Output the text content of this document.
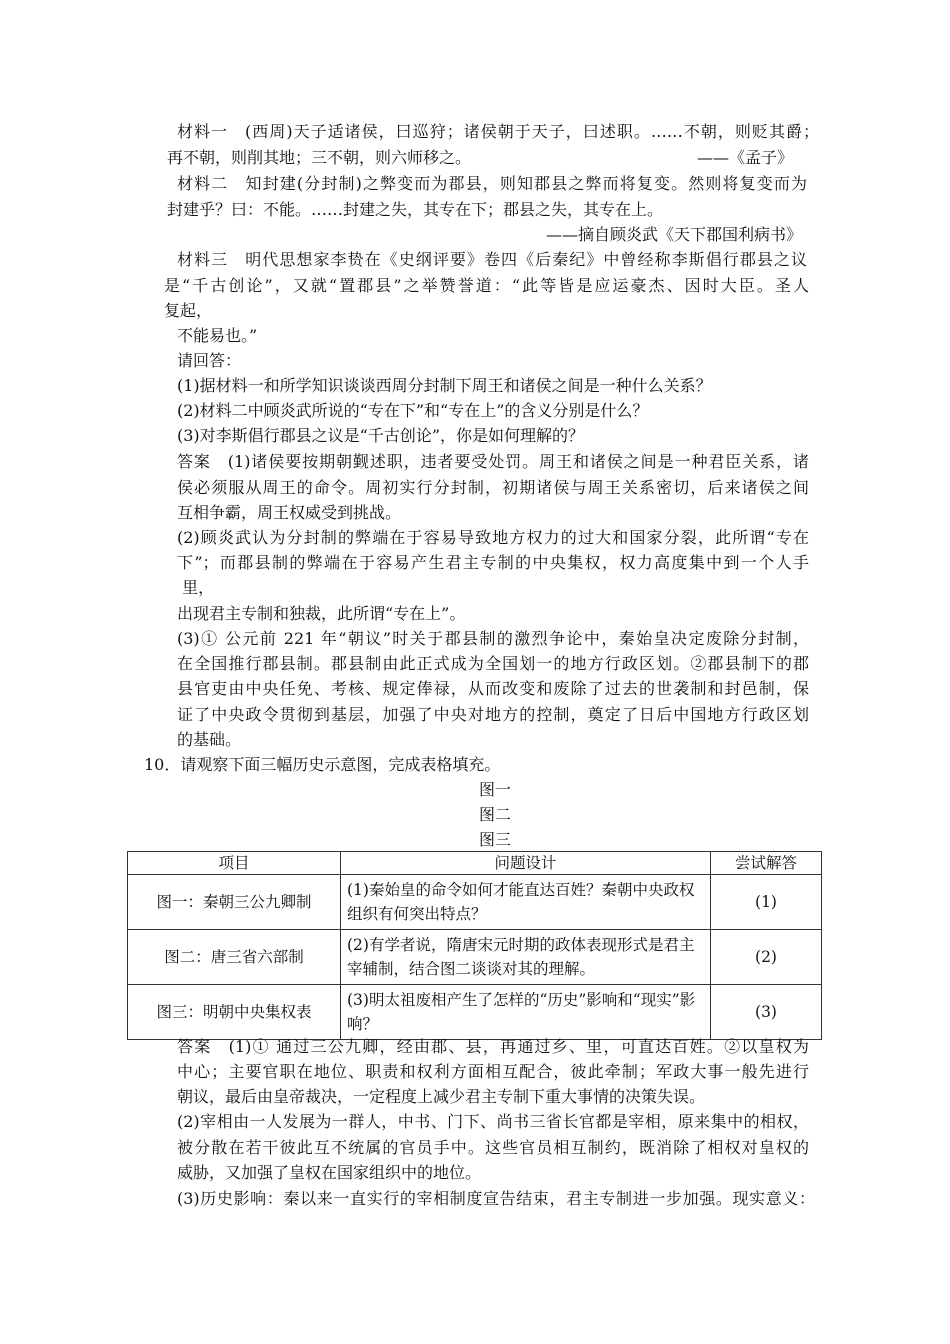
材料一　(西周)天子适诸侯，曰巡狩；诸侯朝于天子，曰述职。……不朝，则贬其爵；
再不朝，则削其地；三不朝，则六师移之。	——《孟子》
材料二　知封建(分封制)之弊变而为郡县，则知郡县之弊而将复变。然则将复变而为
封建乎？曰：不能。……封建之失，其专在下；郡县之失，其专在上。
——摘自顾炎武《天下郡国利病书》
材料三　明代思想家李贽在《史纲评要》卷四《后秦纪》中曾经称李斯倡行郡县之议
是“千古创论”，又就“置郡县”之举赞誉道：“此等皆是应运豪杰、因时大臣。圣人
复起，
不能易也。”
请回答：
(1)据材料一和所学知识谈谈西周分封制下周王和诸侯之间是一种什么关系？
(2)材料二中顾炎武所说的“专在下”和“专在上”的含义分别是什么？
(3)对李斯倡行郡县之议是“千古创论”，你是如何理解的？
答案　(1)诸侯要按期朝觐述职，违者要受处罚。周王和诸侯之间是一种君臣关系，诸
侯必须服从周王的命令。周初实行分封制，初期诸侯与周王关系密切，后来诸侯之间
互相争霸，周王权威受到挑战。
(2)顾炎武认为分封制的弊端在于容易导致地方权力的过大和国家分裂，此所谓“专在
下”；而郡县制的弊端在于容易产生君主专制的中央集权，权力高度集中到一个人手
里，
出现君主专制和独裁，此所谓“专在上”。
(3)① 公元前 221 年“朝议”时关于郡县制的激烈争论中，秦始皇决定废除分封制，
在全国推行郡县制。郡县制由此正式成为全国划一的地方行政区划。②郡县制下的郡
县官吏由中央任免、考核、规定俸禄，从而改变和废除了过去的世袭制和封邑制，保
证了中央政令贯彻到基层，加强了中央对地方的控制，奠定了日后中国地方行政区划
的基础。
10．请观察下面三幅历史示意图，完成表格填充。
图一
图二
图三
项目	问题设计	尝试解答
图一：秦朝三公九卿制	(1)秦始皇的命令如何才能直达百姓？秦朝中央政权组织有何突出特点？	(1)
图二：唐三省六部制	(2)有学者说，隋唐宋元时期的政体表现形式是君主宰辅制，结合图二谈谈对其的理解。	(2)
图三：明朝中央集权表	(3)明太祖废相产生了怎样的“历史”影响和“现实”影响？	(3)
答案　(1)① 通过三公九卿，经由郡、县，再通过乡、里，可直达百姓。②以皇权为
中心；主要官职在地位、职责和权利方面相互配合，彼此牵制；军政大事一般先进行
朝议，最后由皇帝裁决，一定程度上减少君主专制下重大事情的决策失误。
(2)宰相由一人发展为一群人，中书、门下、尚书三省长官都是宰相，原来集中的相权，
被分散在若干彼此互不统属的官员手中。这些官员相互制约，既消除了相权对皇权的
威胁，又加强了皇权在国家组织中的地位。
(3)历史影响：秦以来一直实行的宰相制度宣告结束，君主专制进一步加强。现实意义：
